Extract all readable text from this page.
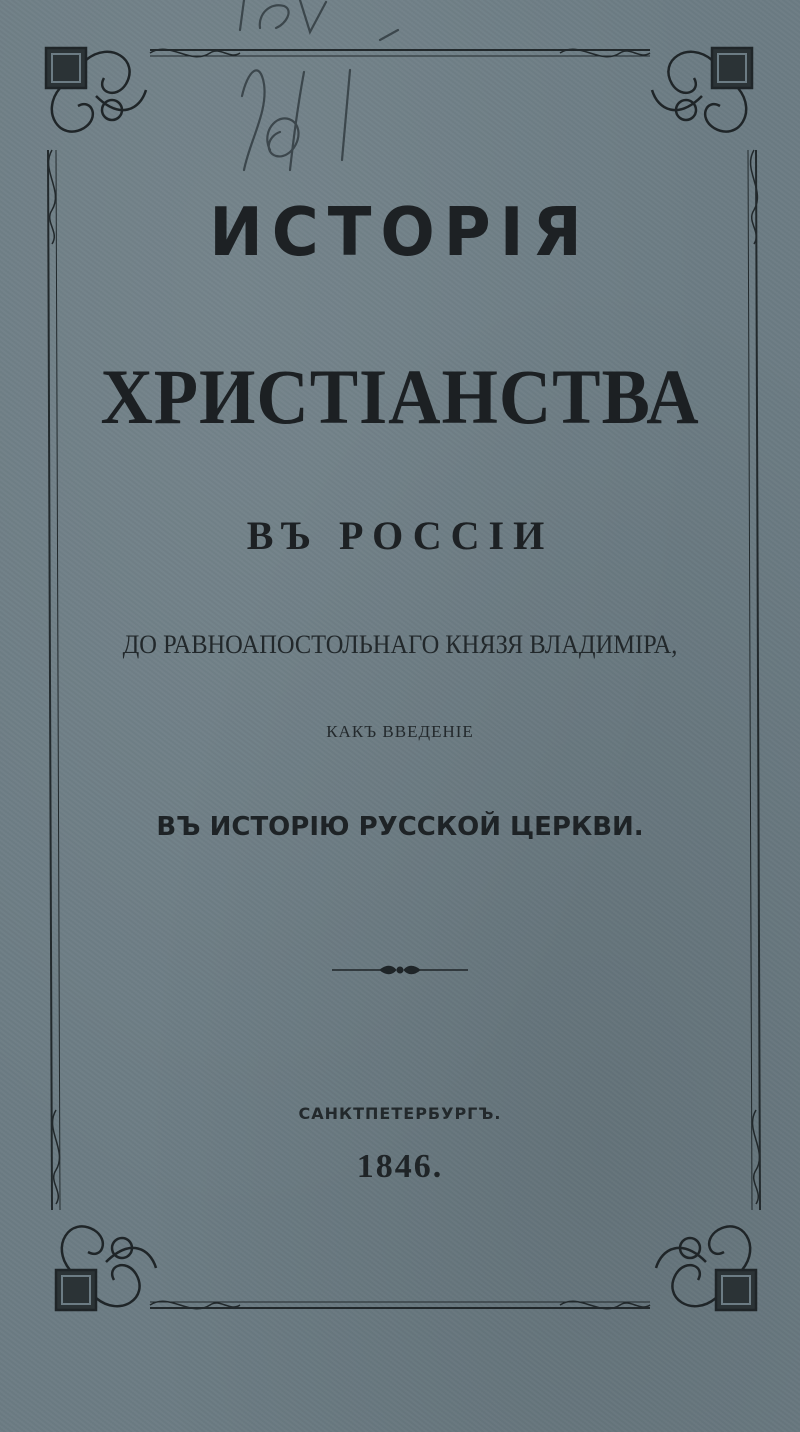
ИСТОРІЯ
ХРИСТІАНСТВА
ВЪ РОССІИ
ДО РАВНОАПОСТОЛЬНАГО КНЯЗЯ ВЛАДИМІРА,
КАКЪ ВВЕДЕНІЕ
ВЪ ИСТОРІЮ РУССКОЙ ЦЕРКВИ.
САНКТПЕТЕРБУРГЪ.
1846.
